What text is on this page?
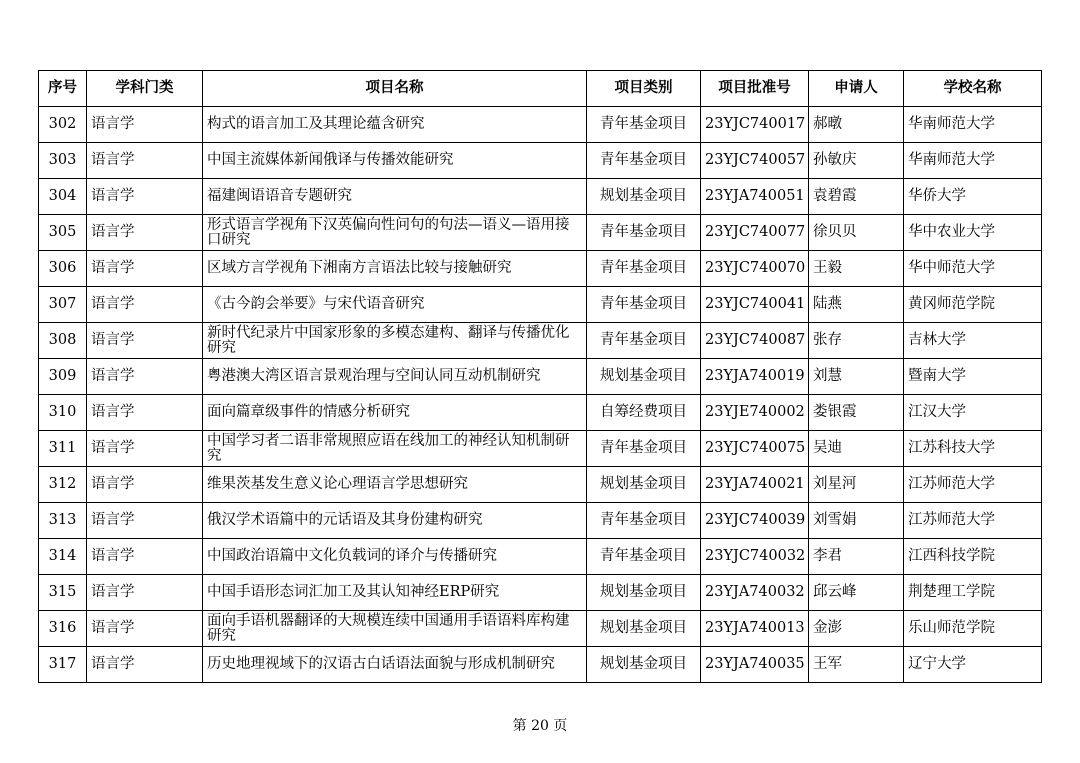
序号	学科门类	项目名称	项目类别	项目批准号	申请人	学校名称
302	语言学	构式的语言加工及其理论蕴含研究	青年基金项目	23YJC740017	郝暾	华南师范大学
303	语言学	中国主流媒体新闻俄译与传播效能研究	青年基金项目	23YJC740057	孙敏庆	华南师范大学
304	语言学	福建闽语语音专题研究	规划基金项目	23YJA740051	袁碧霞	华侨大学
305	语言学	形式语言学视角下汉英偏向性问句的句法—语义—语用接口研究	青年基金项目	23YJC740077	徐贝贝	华中农业大学
306	语言学	区域方言学视角下湘南方言语法比较与接触研究	青年基金项目	23YJC740070	王毅	华中师范大学
307	语言学	《古今韵会举要》与宋代语音研究	青年基金项目	23YJC740041	陆燕	黄冈师范学院
308	语言学	新时代纪录片中国家形象的多模态建构、翻译与传播优化研究	青年基金项目	23YJC740087	张存	吉林大学
309	语言学	粤港澳大湾区语言景观治理与空间认同互动机制研究	规划基金项目	23YJA740019	刘慧	暨南大学
310	语言学	面向篇章级事件的情感分析研究	自筹经费项目	23YJE740002	娄银霞	江汉大学
311	语言学	中国学习者二语非常规照应语在线加工的神经认知机制研究	青年基金项目	23YJC740075	吴迪	江苏科技大学
312	语言学	维果茨基发生意义论心理语言学思想研究	规划基金项目	23YJA740021	刘星河	江苏师范大学
313	语言学	俄汉学术语篇中的元话语及其身份建构研究	青年基金项目	23YJC740039	刘雪娟	江苏师范大学
314	语言学	中国政治语篇中文化负载词的译介与传播研究	青年基金项目	23YJC740032	李君	江西科技学院
315	语言学	中国手语形态词汇加工及其认知神经ERP研究	规划基金项目	23YJA740032	邱云峰	荆楚理工学院
316	语言学	面向手语机器翻译的大规模连续中国通用手语语料库构建研究	规划基金项目	23YJA740013	金澎	乐山师范学院
317	语言学	历史地理视域下的汉语古白话语法面貌与形成机制研究	规划基金项目	23YJA740035	王军	辽宁大学
第 20 页
